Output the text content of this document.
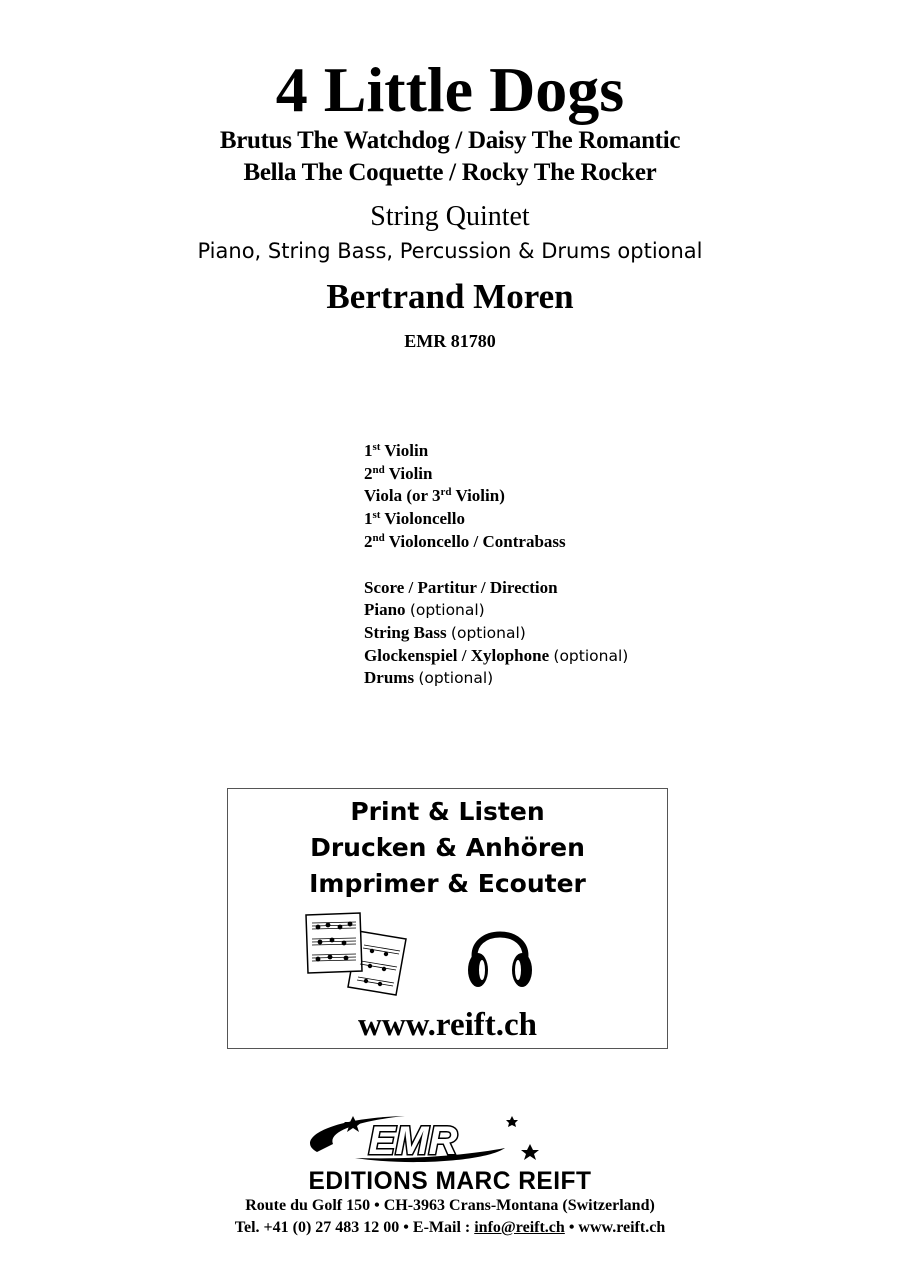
4 Little Dogs
Brutus The Watchdog / Daisy The Romantic
Bella The Coquette / Rocky The Rocker
String Quintet
Piano, String Bass, Percussion & Drums optional
Bertrand Moren
EMR 81780
1st Violin
2nd Violin
Viola (or 3rd Violin)
1st Violoncello
2nd Violoncello / Contrabass
Score / Partitur / Direction
Piano (optional)
String Bass (optional)
Glockenspiel / Xylophone (optional)
Drums (optional)
Print & Listen
Drucken & Anhören
Imprimer & Ecouter
www.reift.ch
EMR
EDITIONS MARC REIFT
Route du Golf 150 • CH-3963 Crans-Montana (Switzerland)
Tel. +41 (0) 27 483 12 00 • E-Mail : info@reift.ch • www.reift.ch
